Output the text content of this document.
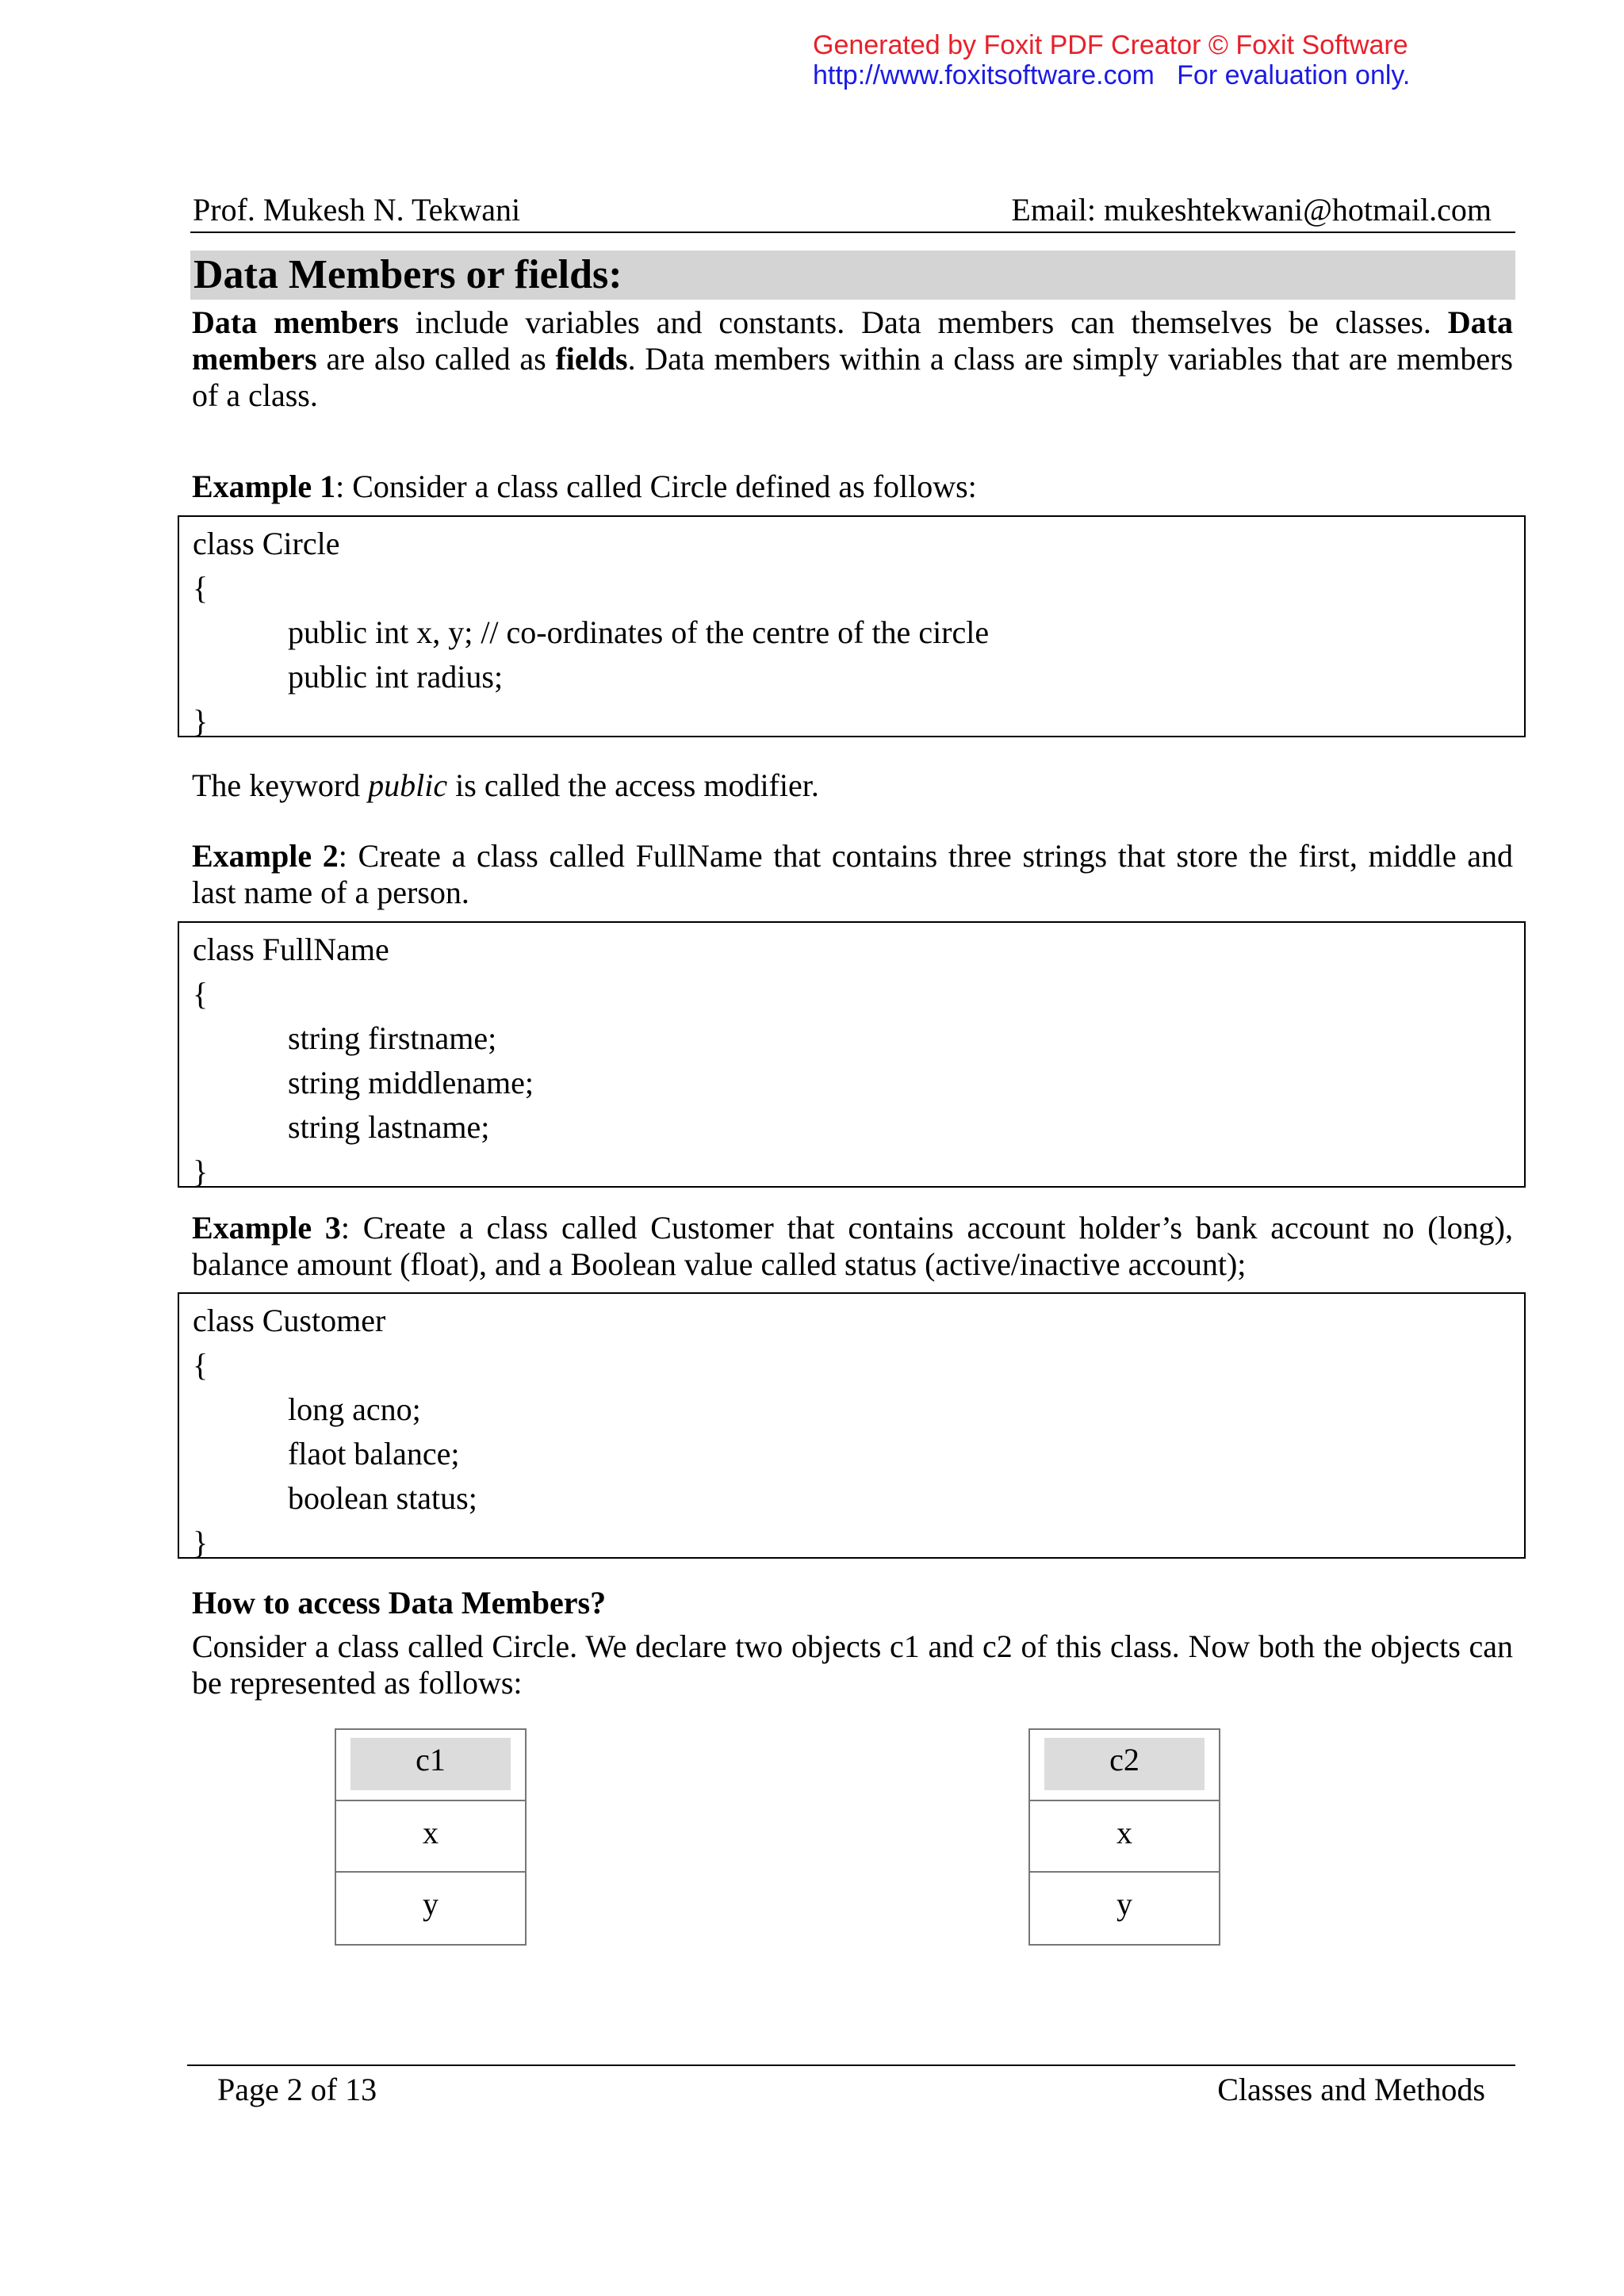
Generated by Foxit PDF Creator © Foxit Software
http://www.foxitsoftware.com For evaluation only.
Prof. Mukesh N. Tekwani	Email: mukeshtekwani@hotmail.com
Data Members or fields:
Data members include variables and constants. Data members can themselves be classes. Data members are also called as fields. Data members within a class are simply variables that are members of a class.
Example 1: Consider a class called Circle defined as follows:
class Circle
{
public int x, y; // co-ordinates of the centre of the circle
public int radius;
}
The keyword public is called the access modifier.
Example 2: Create a class called FullName that contains three strings that store the first, middle and last name of a person.
class FullName
{
string firstname;
string middlename;
string lastname;
}
Example 3: Create a class called Customer that contains account holder’s bank account no (long), balance amount (float), and a Boolean value called status (active/inactive account);
class Customer
{
long acno;
flaot balance;
boolean status;
}
How to access Data Members?
Consider a class called Circle. We declare two objects c1 and c2 of this class. Now both the objects can be represented as follows:
c1
x
y
c2
x
y
Page 2 of 13	Classes and Methods
